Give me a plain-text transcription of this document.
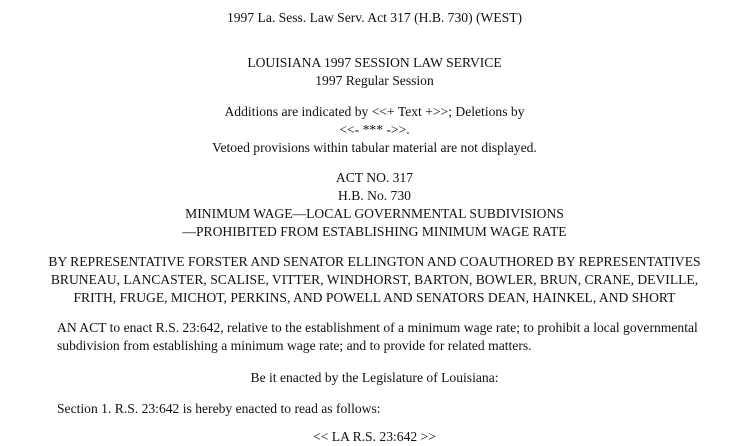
1997 La. Sess. Law Serv. Act 317 (H.B. 730) (WEST)
LOUISIANA 1997 SESSION LAW SERVICE
1997 Regular Session
Additions are indicated by <<+ Text +>>; Deletions by
<<- *** ->>.
Vetoed provisions within tabular material are not displayed.
ACT NO. 317
H.B. No. 730
MINIMUM WAGE—LOCAL GOVERNMENTAL SUBDIVISIONS
—PROHIBITED FROM ESTABLISHING MINIMUM WAGE RATE
BY REPRESENTATIVE FORSTER AND SENATOR ELLINGTON AND COAUTHORED BY REPRESENTATIVES
BRUNEAU, LANCASTER, SCALISE, VITTER, WINDHORST, BARTON, BOWLER, BRUN, CRANE, DEVILLE,
FRITH, FRUGE, MICHOT, PERKINS, AND POWELL AND SENATORS DEAN, HAINKEL, AND SHORT
AN ACT to enact R.S. 23:642, relative to the establishment of a minimum wage rate; to prohibit a local governmental
subdivision from establishing a minimum wage rate; and to provide for related matters.
Be it enacted by the Legislature of Louisiana:
Section 1. R.S. 23:642 is hereby enacted to read as follows:
<< LA R.S. 23:642 >>
